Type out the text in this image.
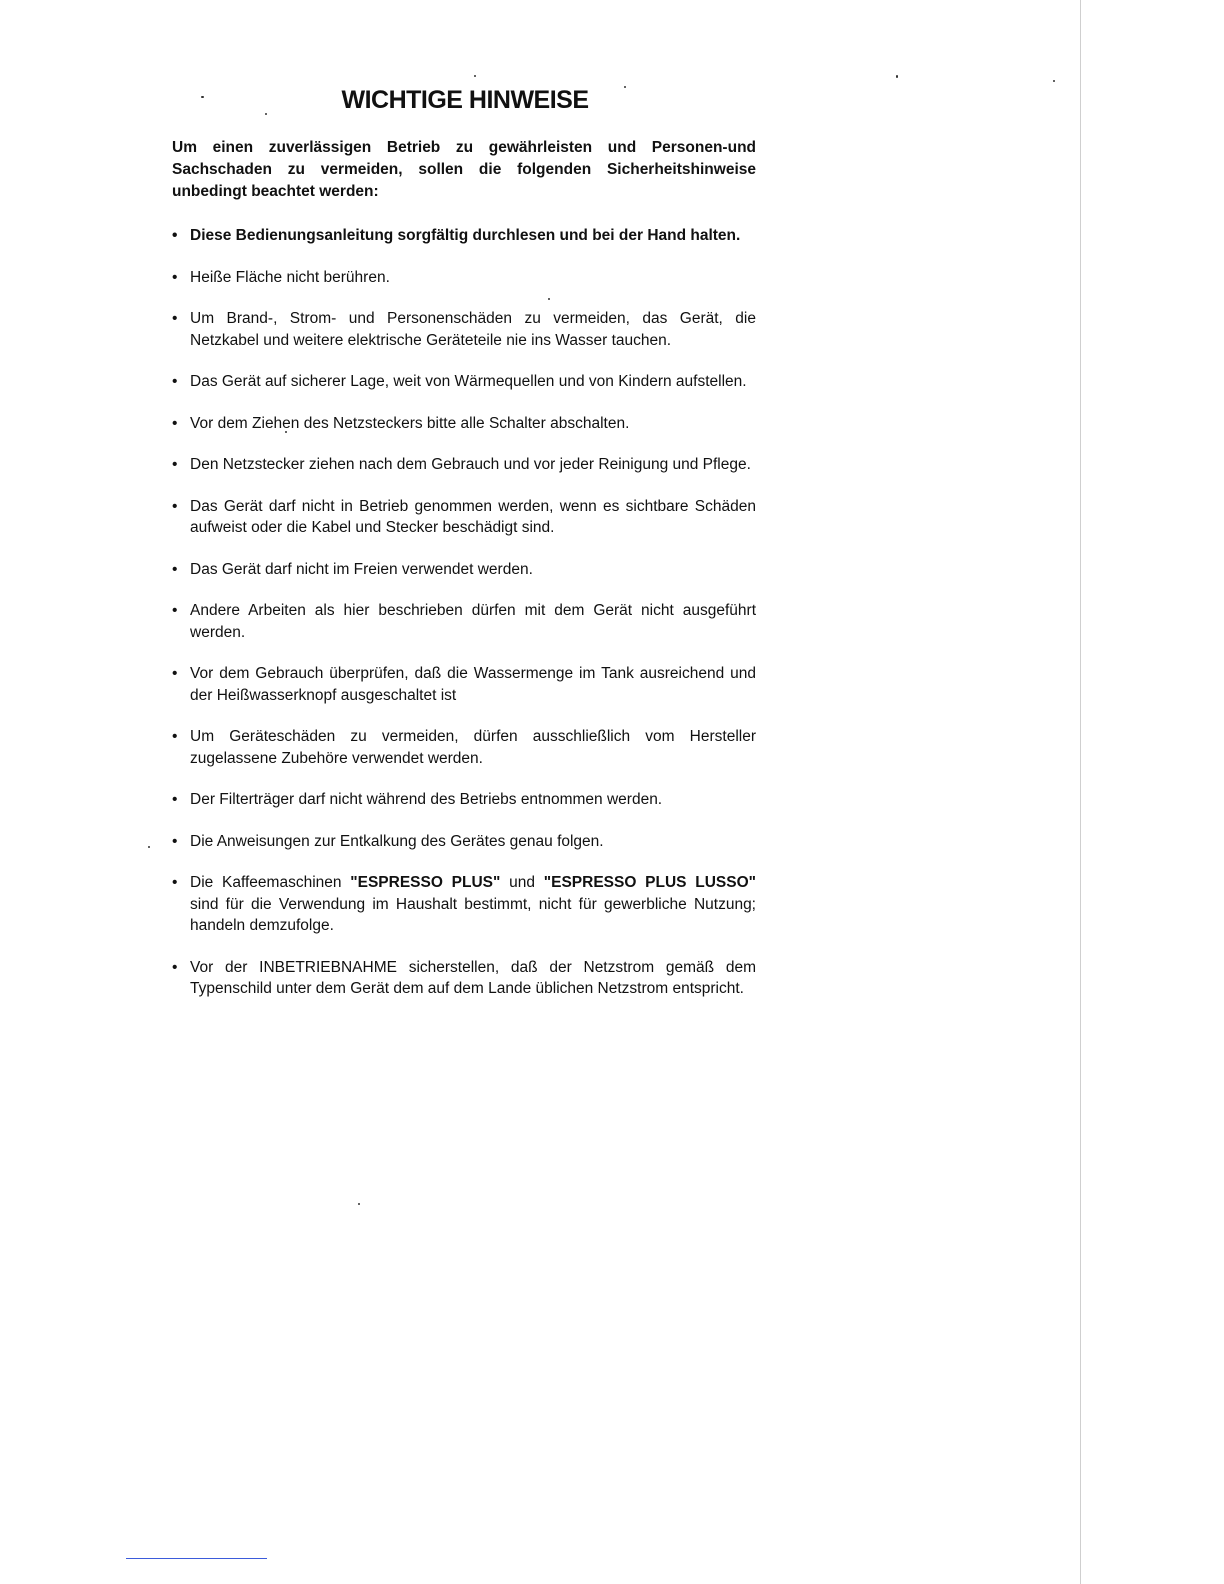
WICHTIGE HINWEISE

Um einen zuverlässigen Betrieb zu gewährleisten und Personen-und Sachschaden zu vermeiden, sollen die folgenden Sicherheitshinweise unbedingt beachtet werden:

• Diese Bedienungsanleitung sorgfältig durchlesen und bei der Hand halten.
• Heiße Fläche nicht berühren.
• Um Brand-, Strom- und Personenschäden zu vermeiden, das Gerät, die Netzkabel und weitere elektrische Geräteteile nie ins Wasser tauchen.
• Das Gerät auf sicherer Lage, weit von Wärmequellen und von Kindern aufstellen.
• Vor dem Ziehen des Netzsteckers bitte alle Schalter abschalten.
• Den Netzstecker ziehen nach dem Gebrauch und vor jeder Reinigung und Pflege.
• Das Gerät darf nicht in Betrieb genommen werden, wenn es sichtbare Schäden aufweist oder die Kabel und Stecker beschädigt sind.
• Das Gerät darf nicht im Freien verwendet werden.
• Andere Arbeiten als hier beschrieben dürfen mit dem Gerät nicht ausgeführt werden.
• Vor dem Gebrauch überprüfen, daß die Wassermenge im Tank ausreichend und der Heißwasserknopf ausgeschaltet ist
• Um Geräteschäden zu vermeiden, dürfen ausschließlich vom Hersteller zugelassene Zubehöre verwendet werden.
• Der Filterträger darf nicht während des Betriebs entnommen werden.
• Die Anweisungen zur Entkalkung des Gerätes genau folgen.
• Die Kaffeemaschinen "ESPRESSO PLUS" und "ESPRESSO PLUS LUSSO" sind für die Verwendung im Haushalt bestimmt, nicht für gewerbliche Nutzung; handeln demzufolge.
• Vor der INBETRIEBNAHME sicherstellen, daß der Netzstrom gemäß dem Typenschild unter dem Gerät dem auf dem Lande üblichen Netzstrom entspricht.
